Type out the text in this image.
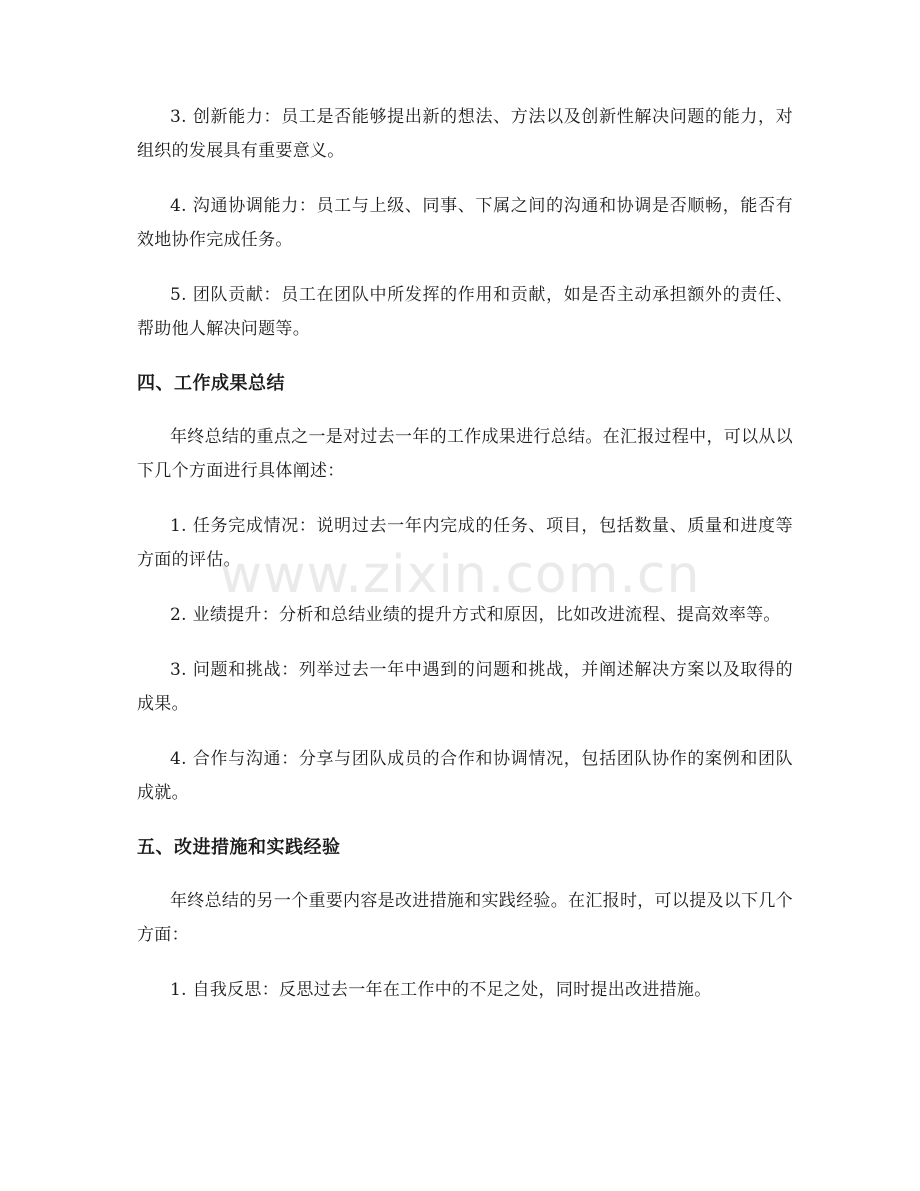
3. 创新能力：员工是否能够提出新的想法、方法以及创新性解决问题的能力，对组织的发展具有重要意义。

4. 沟通协调能力：员工与上级、同事、下属之间的沟通和协调是否顺畅，能否有效地协作完成任务。

5. 团队贡献：员工在团队中所发挥的作用和贡献，如是否主动承担额外的责任、帮助他人解决问题等。

四、工作成果总结

年终总结的重点之一是对过去一年的工作成果进行总结。在汇报过程中，可以从以下几个方面进行具体阐述：

1. 任务完成情况：说明过去一年内完成的任务、项目，包括数量、质量和进度等方面的评估。

2. 业绩提升：分析和总结业绩的提升方式和原因，比如改进流程、提高效率等。

3. 问题和挑战：列举过去一年中遇到的问题和挑战，并阐述解决方案以及取得的成果。

4. 合作与沟通：分享与团队成员的合作和协调情况，包括团队协作的案例和团队成就。

五、改进措施和实践经验

年终总结的另一个重要内容是改进措施和实践经验。在汇报时，可以提及以下几个方面：

1. 自我反思：反思过去一年在工作中的不足之处，同时提出改进措施。

www.zixin.com.cn
